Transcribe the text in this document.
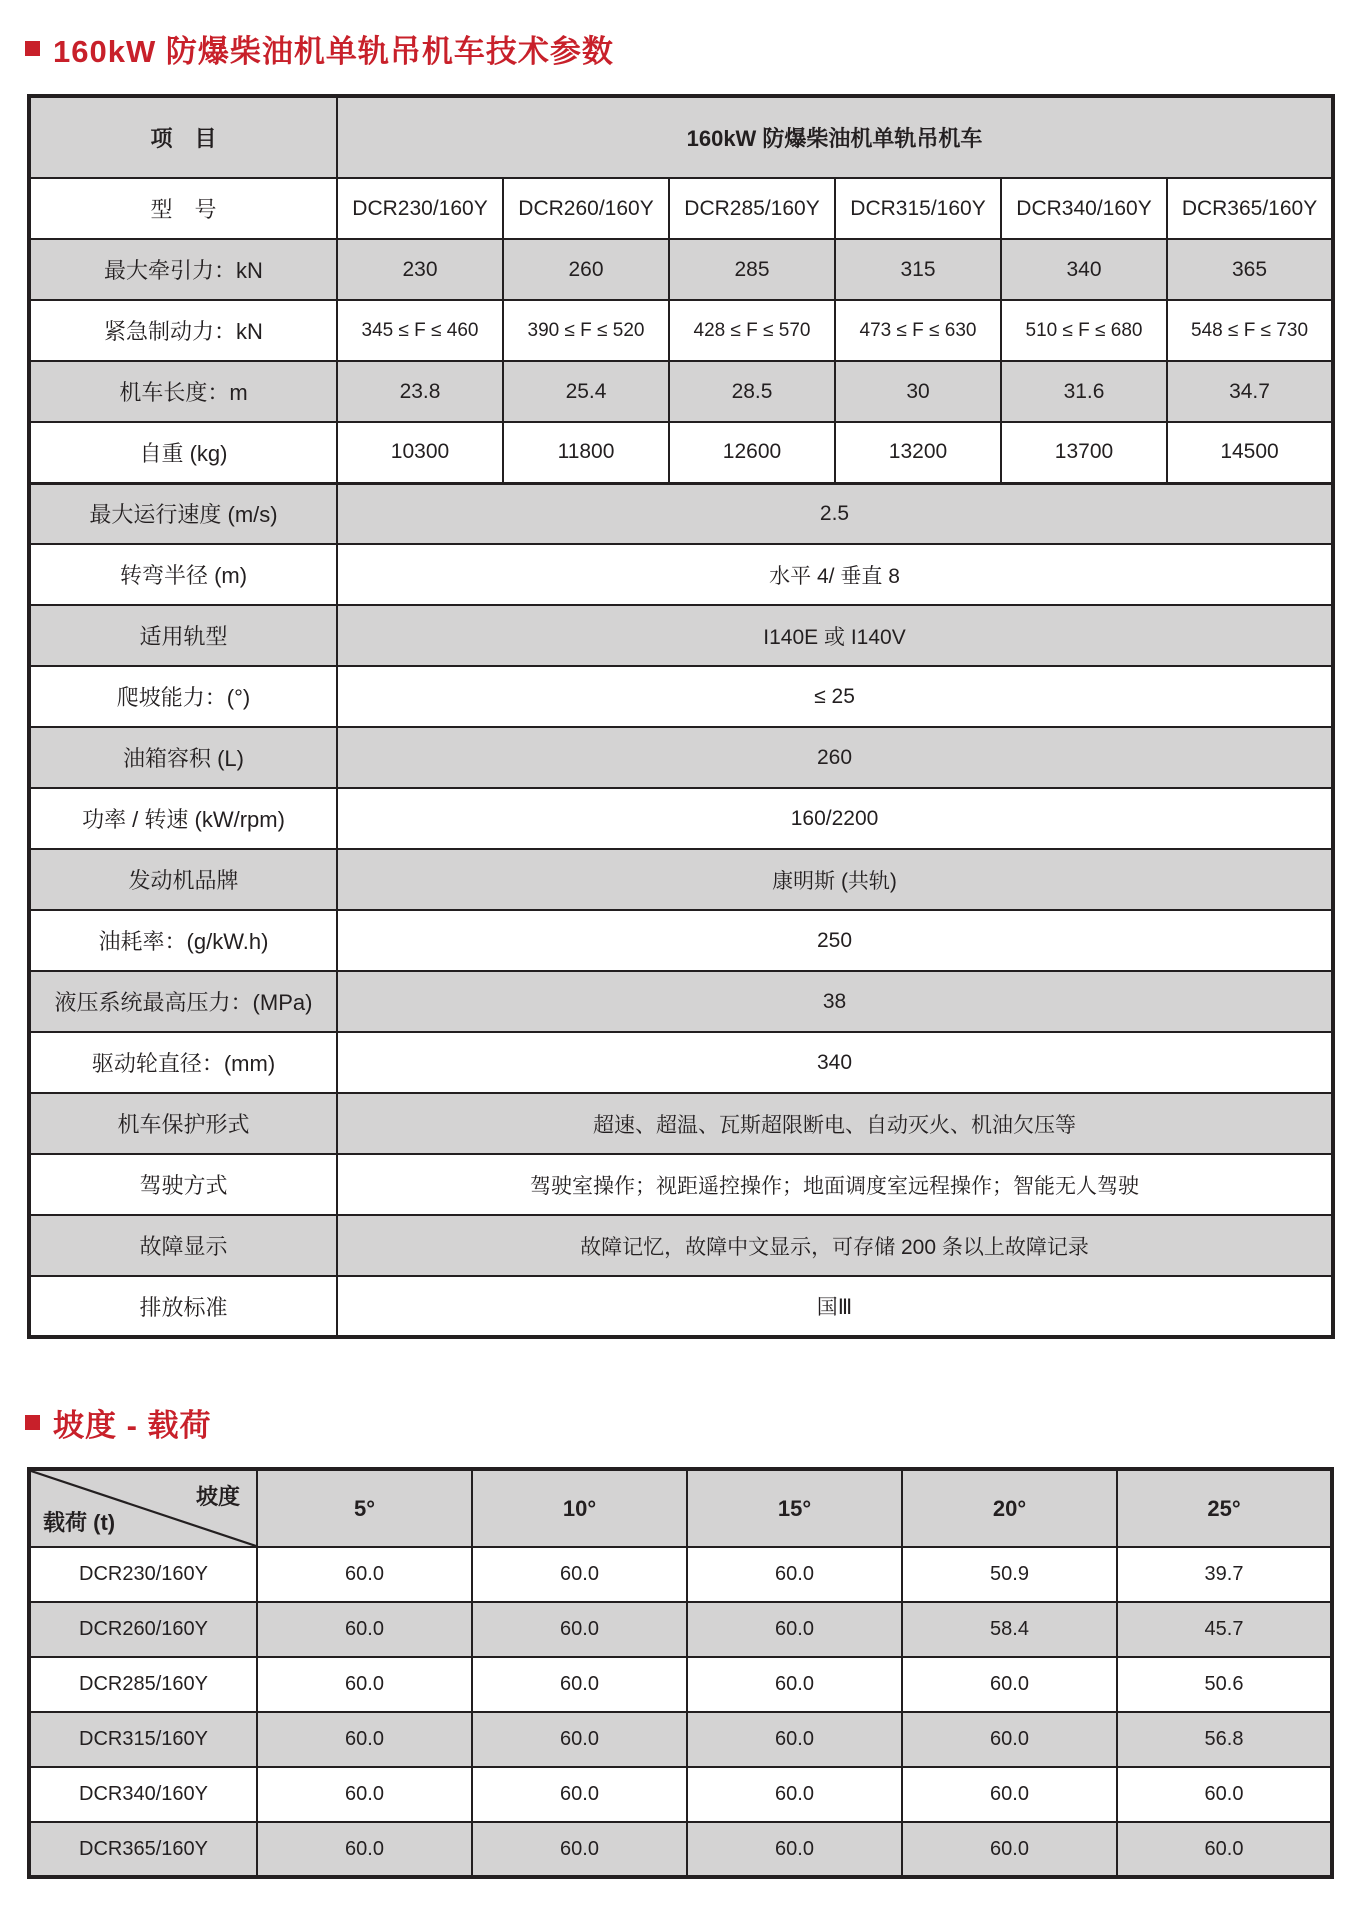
160kW 防爆柴油机单轨吊机车技术参数
项　目	160kW 防爆柴油机单轨吊机车					
型　号	DCR230/160Y	DCR260/160Y	DCR285/160Y	DCR315/160Y	DCR340/160Y	DCR365/160Y
最大牵引力：kN	230	260	285	315	340	365
紧急制动力：kN	345 ≤ F ≤ 460	390 ≤ F ≤ 520	428 ≤ F ≤ 570	473 ≤ F ≤ 630	510 ≤ F ≤ 680	548 ≤ F ≤ 730
机车长度：m	23.8	25.4	28.5	30	31.6	34.7
自重 (kg)	10300	11800	12600	13200	13700	14500
最大运行速度 (m/s)	2.5					
转弯半径 (m)	水平 4/ 垂直 8					
适用轨型	I140E 或 I140V					
爬坡能力：(°)	≤ 25					
油箱容积 (L)	260					
功率 / 转速 (kW/rpm)	160/2200					
发动机品牌	康明斯 (共轨)					
油耗率：(g/kW.h)	250					
液压系统最高压力：(MPa)	38					
驱动轮直径：(mm)	340					
机车保护形式	超速、超温、瓦斯超限断电、自动灭火、机油欠压等					
驾驶方式	驾驶室操作；视距遥控操作；地面调度室远程操作；智能无人驾驶					
故障显示	故障记忆，故障中文显示，可存储 200 条以上故障记录					
排放标准	国Ⅲ					
坡度 - 载荷
坡度
载荷 (t)	5°	10°	15°	20°	25°
DCR230/160Y	60.0	60.0	60.0	50.9	39.7
DCR260/160Y	60.0	60.0	60.0	58.4	45.7
DCR285/160Y	60.0	60.0	60.0	60.0	50.6
DCR315/160Y	60.0	60.0	60.0	60.0	56.8
DCR340/160Y	60.0	60.0	60.0	60.0	60.0
DCR365/160Y	60.0	60.0	60.0	60.0	60.0
